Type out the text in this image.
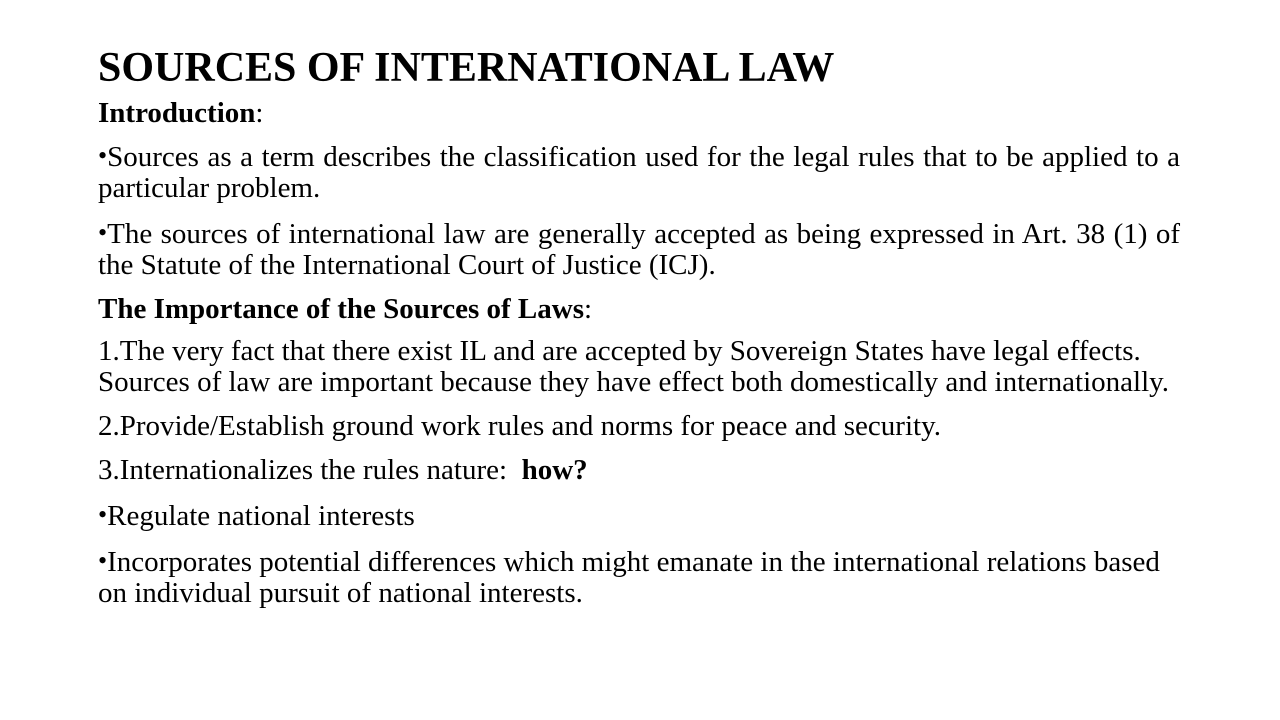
SOURCES OF INTERNATIONAL LAW
Introduction:
•Sources as a term describes the classification used for the legal rules that to be applied to a particular problem.
•The sources of international law are generally accepted as being expressed in Art. 38 (1) of the Statute of the International Court of Justice (ICJ).
The Importance of the Sources of Laws:
1.The very fact that there exist IL and are accepted by Sovereign States have legal effects. Sources of law are important because they have effect both domestically and internationally.
2.Provide/Establish ground work rules and norms for peace and security.
3.Internationalizes the rules nature:  how?
•Regulate national interests
•Incorporates potential differences which might emanate in the international relations based on individual pursuit of national interests.
